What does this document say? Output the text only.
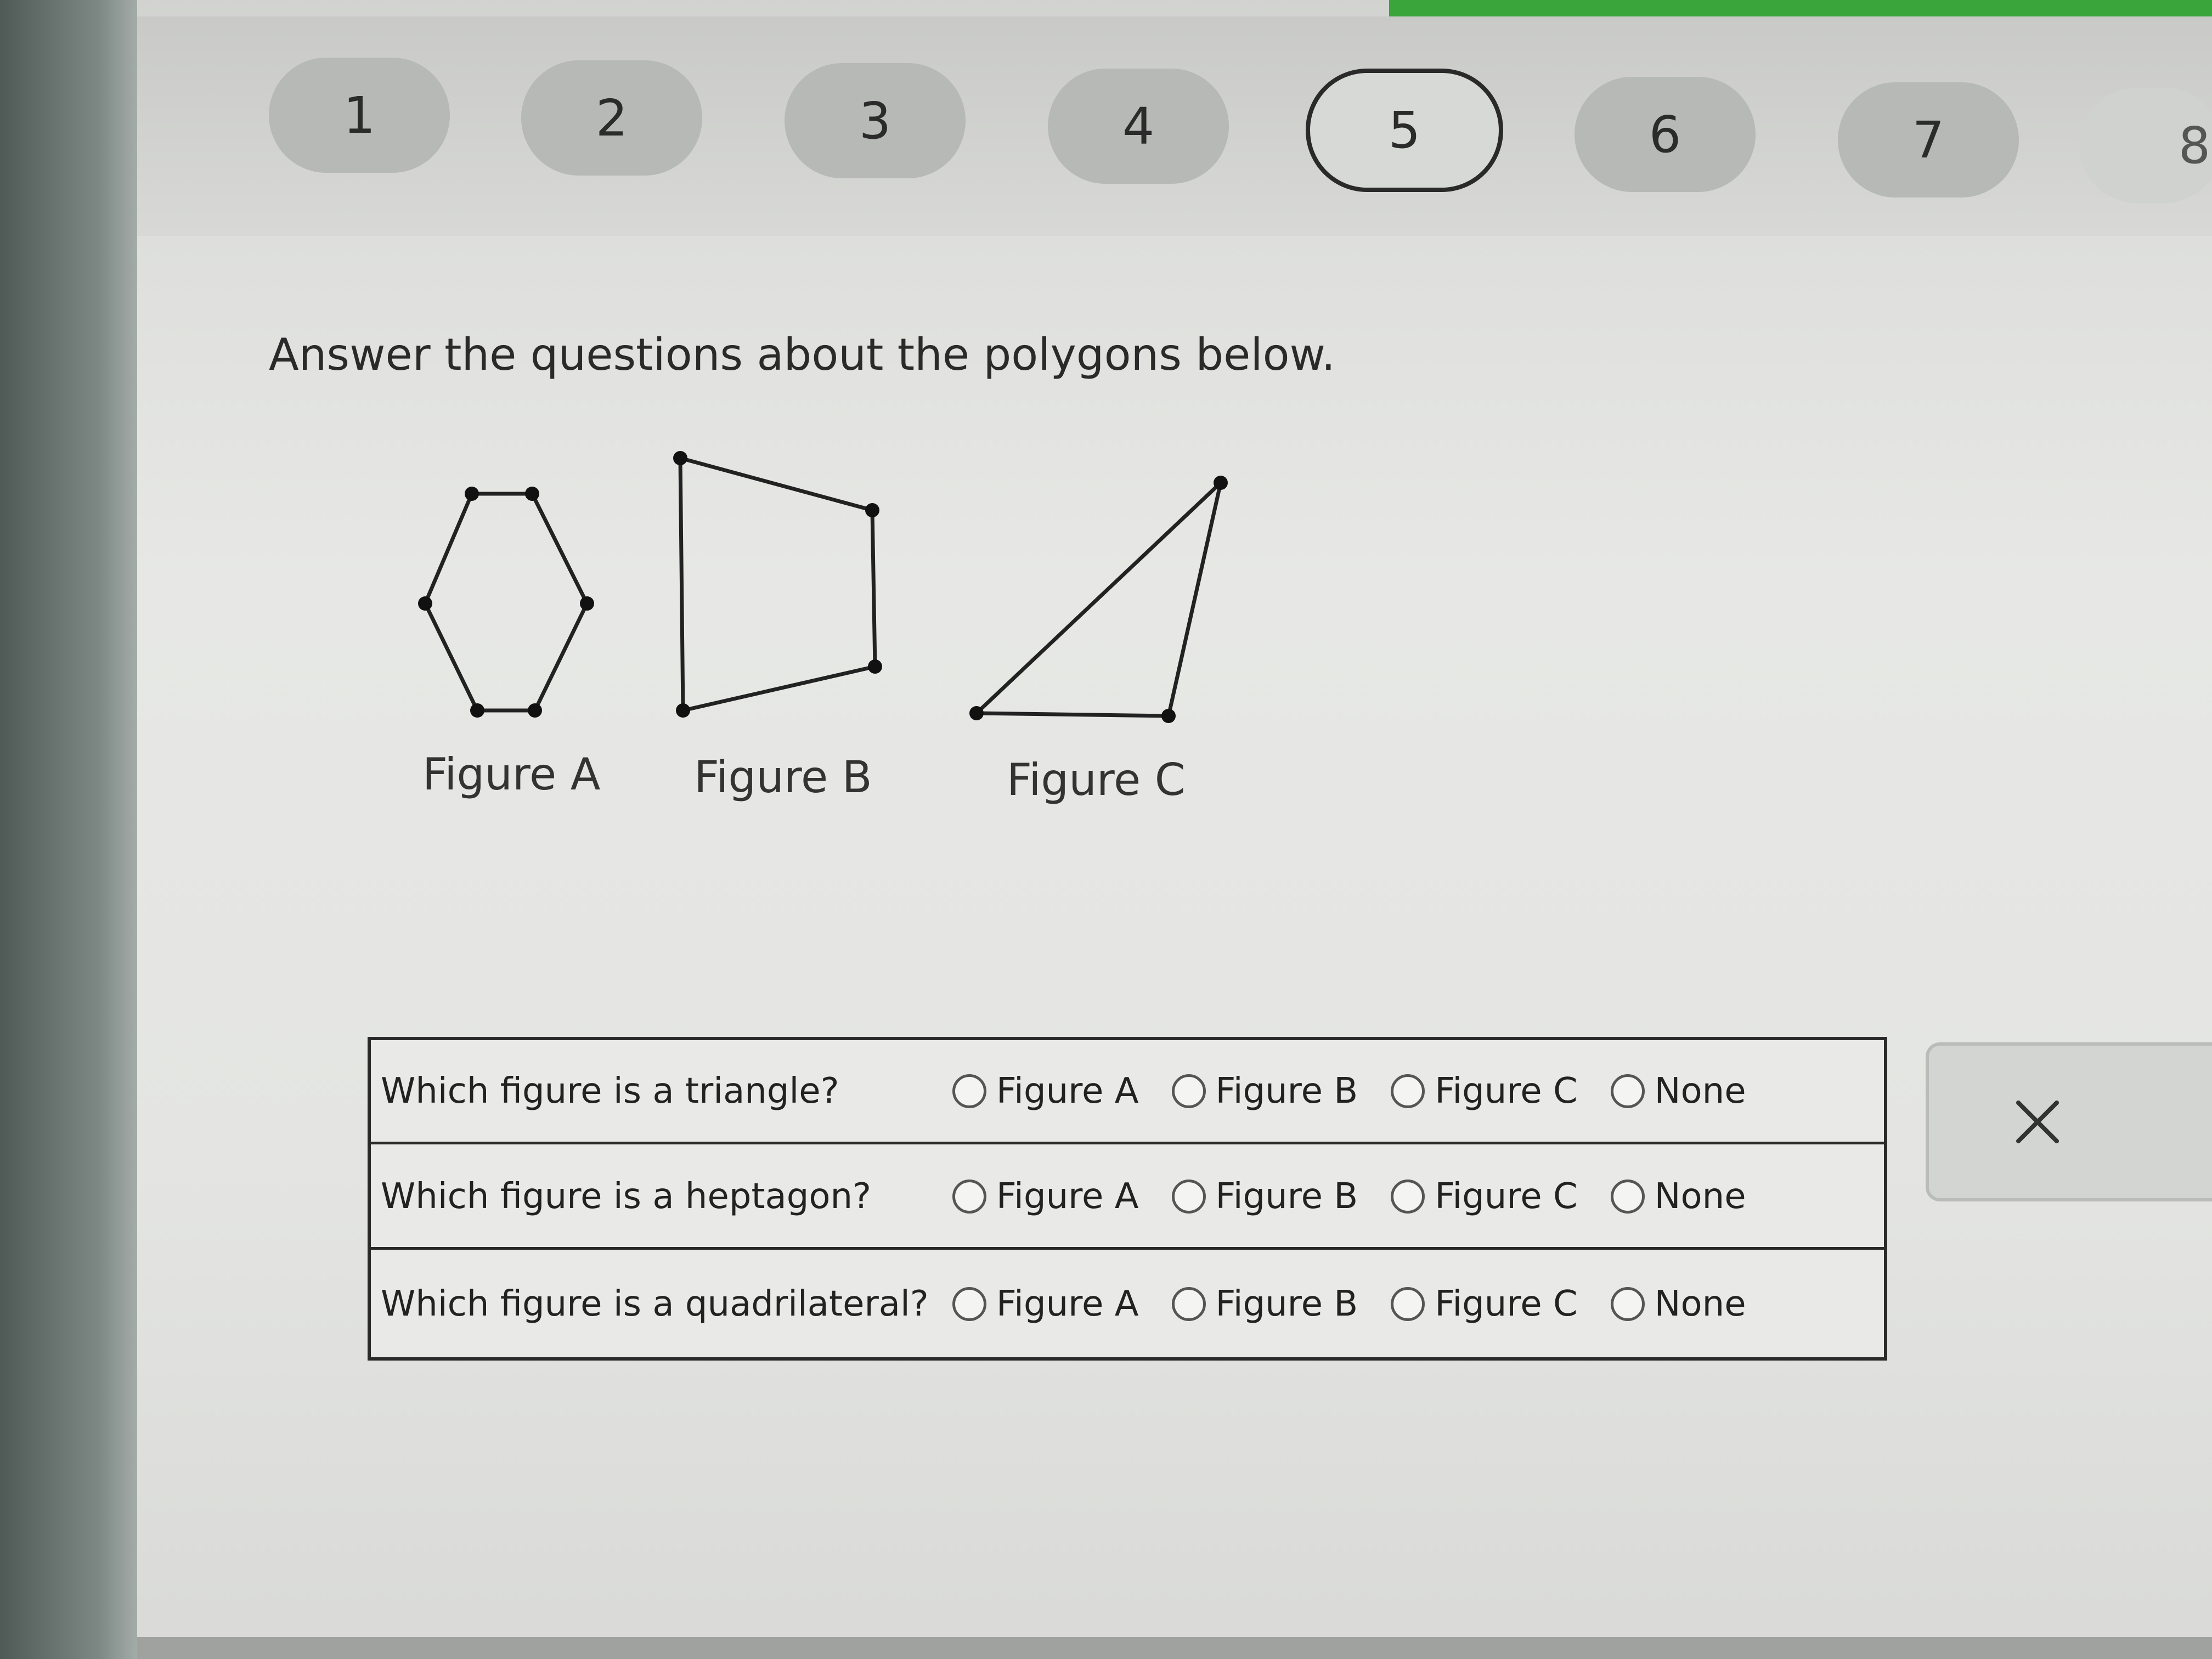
1	2	3	4	5	6	7	8
Answer the questions about the polygons below.
Figure A Figure B	Figure C
Which figure is a triangle?	Figure A Figure B Figure C None
Which figure is a heptagon?	Figure A Figure B Figure C None
Which figure is a quadrilateral?	Figure A Figure B Figure C None
